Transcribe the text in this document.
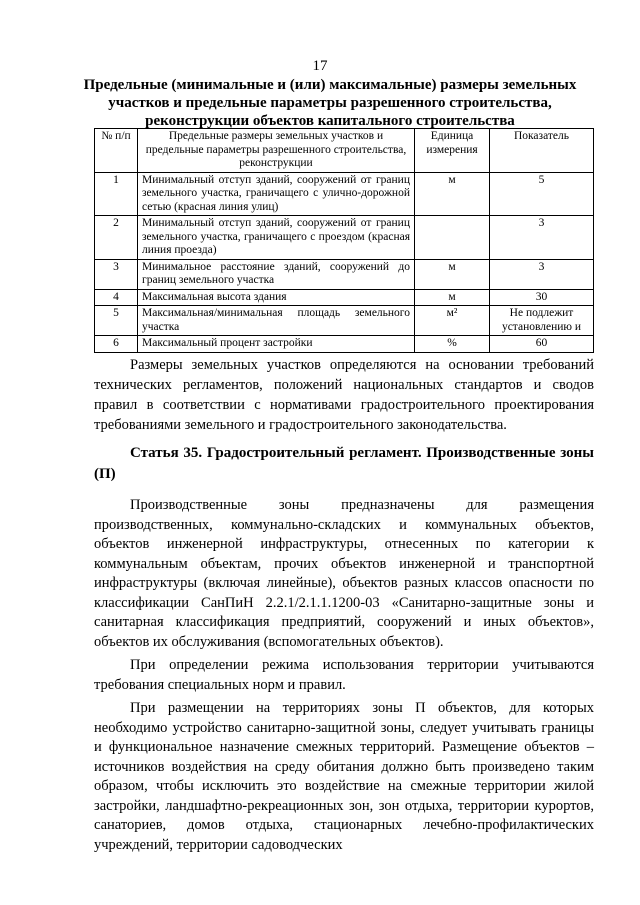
17
Предельные (минимальные и (или) максимальные) размеры земельных участков и предельные параметры разрешенного строительства, реконструкции объектов капитального строительства
№ п/п	Предельные размеры земельных участков и предельные параметры разрешенного строительства, реконструкции	Единица измерения	Показатель
1	Минимальный отступ зданий, сооружений от границ земельного участка, граничащего с улично-дорожной сетью (красная линия улиц)	м	5
2	Минимальный отступ зданий, сооружений от границ земельного участка, граничащего с проездом (красная линия проезда)		3
3	Минимальное расстояние зданий, сооружений до границ земельного участка	м	3
4	Максимальная высота здания	м	30
5	Максимальная/минимальная площадь земельного участка	м²	Не подлежит установлению и
6	Максимальный процент застройки	%	60
Размеры земельных участков определяются на основании требований технических регламентов, положений национальных стандартов и сводов правил в соответствии с нормативами градостроительного проектирования требованиями земельного и градостроительного законодательства.
Статья 35. Градостроительный регламент. Производственные зоны (П)

Производственные зоны предназначены для размещения производственных, коммунально-складских и коммунальных объектов, объектов инженерной инфраструктуры, отнесенных по категории к коммунальным объектам, прочих объектов инженерной и транспортной инфраструктуры (включая линейные), объектов разных классов опасности по классификации СанПиН 2.2.1/2.1.1.1200-03 «Санитарно-защитные зоны и санитарная классификация предприятий, сооружений и иных объектов», объектов их обслуживания (вспомогательных объектов).

При определении режима использования территории учитываются требования специальных норм и правил.

При размещении на территориях зоны П объектов, для которых необходимо устройство санитарно-защитной зоны, следует учитывать границы и функциональное назначение смежных территорий. Размещение объектов – источников воздействия на среду обитания должно быть произведено таким образом, чтобы исключить это воздействие на смежные территории жилой застройки, ландшафтно-рекреационных зон, зон отдыха, территории курортов, санаториев, домов отдыха, стационарных лечебно-профилактических учреждений, территории садоводческих
